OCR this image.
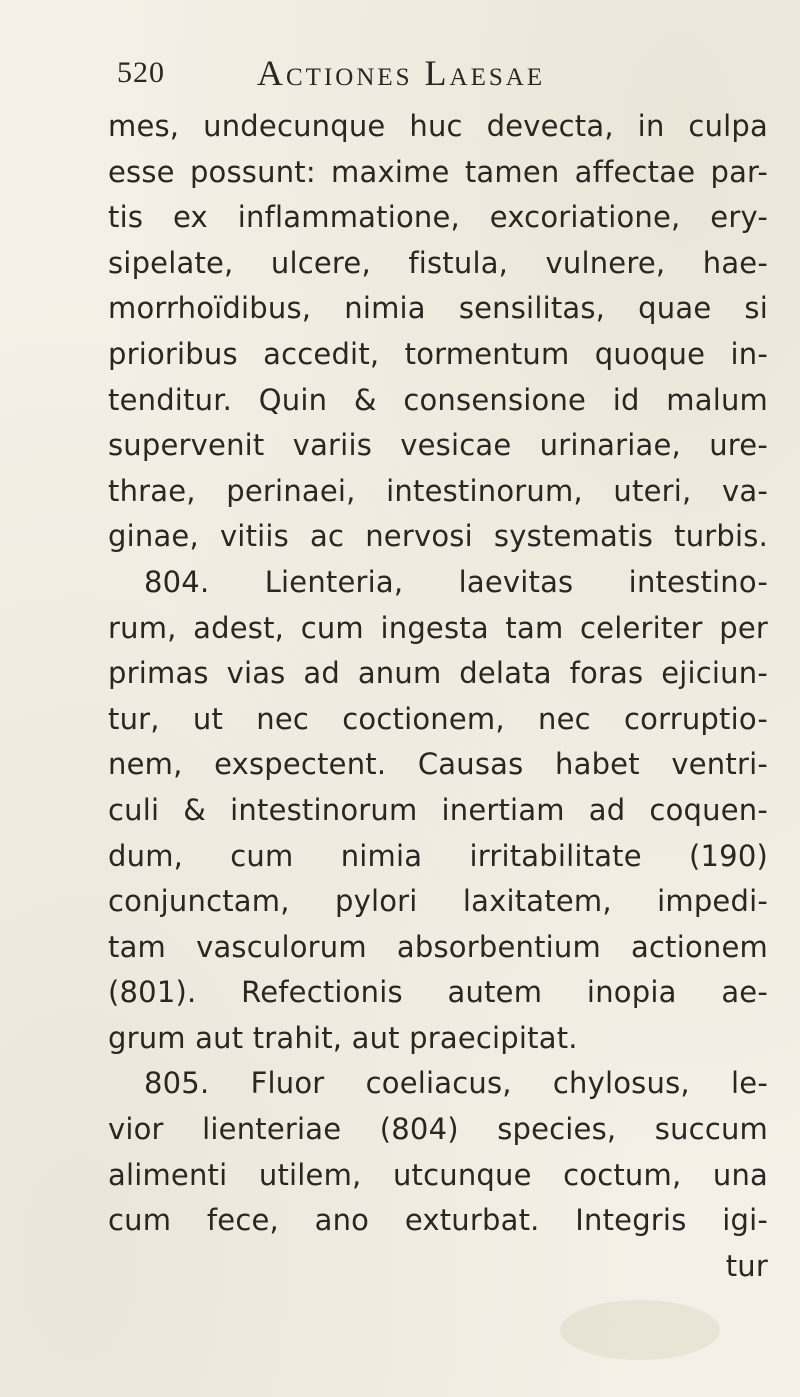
520	Actiones Laesae
mes, undecunque huc devecta, in culpa
esse possunt: maxime tamen affectae par-
tis ex inflammatione, excoriatione, ery-
sipelate, ulcere, fistula, vulnere, hae-
morrhoïdibus, nimia sensilitas, quae si
prioribus accedit, tormentum quoque in-
tenditur. Quin & consensione id malum
supervenit variis vesicae urinariae, ure-
thrae, perinaei, intestinorum, uteri, va-
ginae, vitiis ac nervosi systematis turbis.
804. Lienteria, laevitas intestino-
rum, adest, cum ingesta tam celeriter per
primas vias ad anum delata foras ejiciun-
tur, ut nec coctionem, nec corruptio-
nem, exspectent. Causas habet ventri-
culi & intestinorum inertiam ad coquen-
dum, cum nimia irritabilitate (190)
conjunctam, pylori laxitatem, impedi-
tam vasculorum absorbentium actionem
(801). Refectionis autem inopia ae-
grum aut trahit, aut praecipitat.
805. Fluor coeliacus, chylosus, le-
vior lienteriae (804) species, succum
alimenti utilem, utcunque coctum, una
cum fece, ano exturbat. Integris igi-
tur
